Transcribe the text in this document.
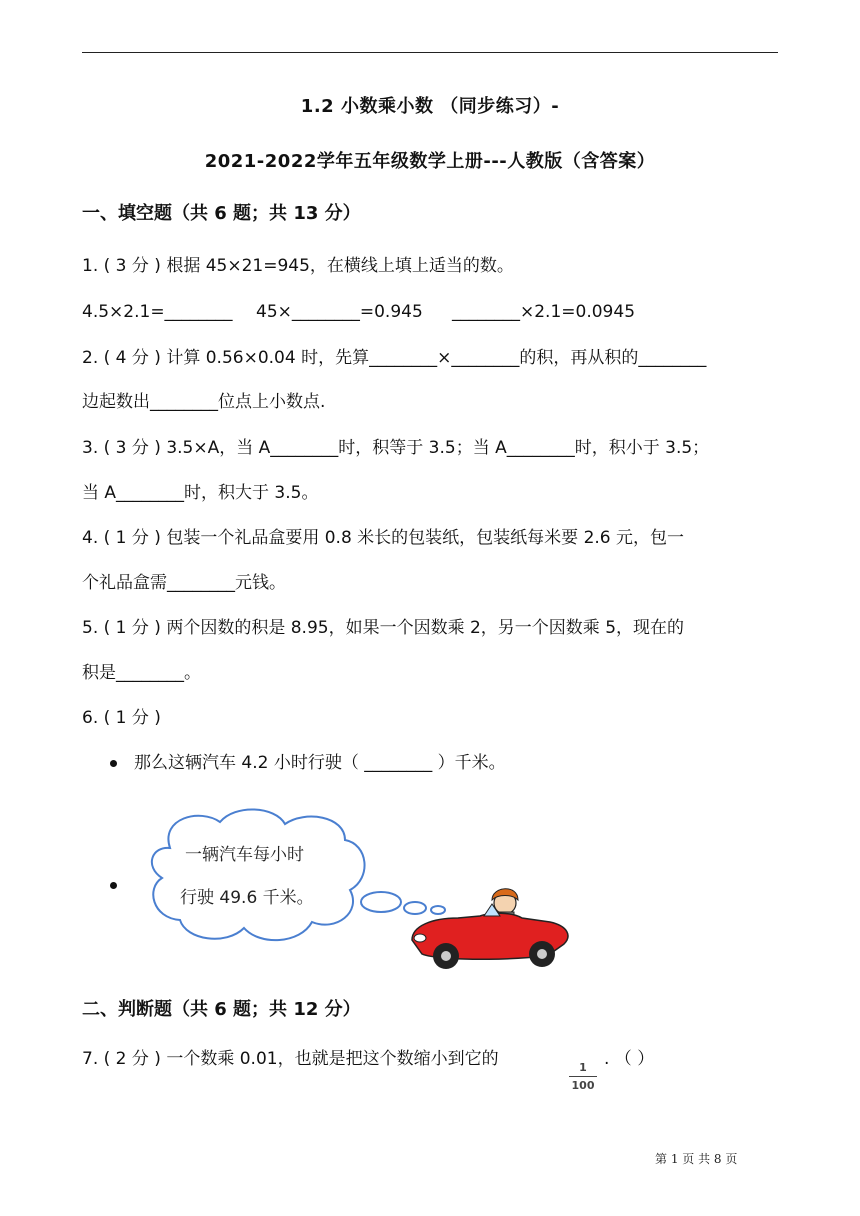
1.2 小数乘小数 （同步练习）-
2021-2022学年五年级数学上册---人教版（含答案）
一、填空题（共 6 题；共 13 分）
1. ( 3 分 ) 根据 45×21=945，在横线上填上适当的数。
4.5×2.1=________ 45×________=0.945 ________×2.1=0.0945
2. ( 4 分 ) 计算 0.56×0.04 时，先算________×________的积，再从积的________
边起数出________位点上小数点.
3. ( 3 分 ) 3.5×A，当 A________时，积等于 3.5；当 A________时，积小于 3.5；
当 A________时，积大于 3.5。
4. ( 1 分 ) 包装一个礼品盒要用 0.8 米长的包装纸，包装纸每米要 2.6 元，包一
个礼品盒需________元钱。
5. ( 1 分 ) 两个因数的积是 8.95，如果一个因数乘 2，另一个因数乘 5，现在的
积是________。
6. ( 1 分 )
那么这辆汽车 4.2 小时行驶（ ________ ）千米。
一辆汽车每小时
行驶 49.6 千米。
二、判断题（共 6 题；共 12 分）
7. ( 2 分 ) 一个数乘 0.01，也就是把这个数缩小到它的	1
100
. （ ）
第 1 页 共 8 页
